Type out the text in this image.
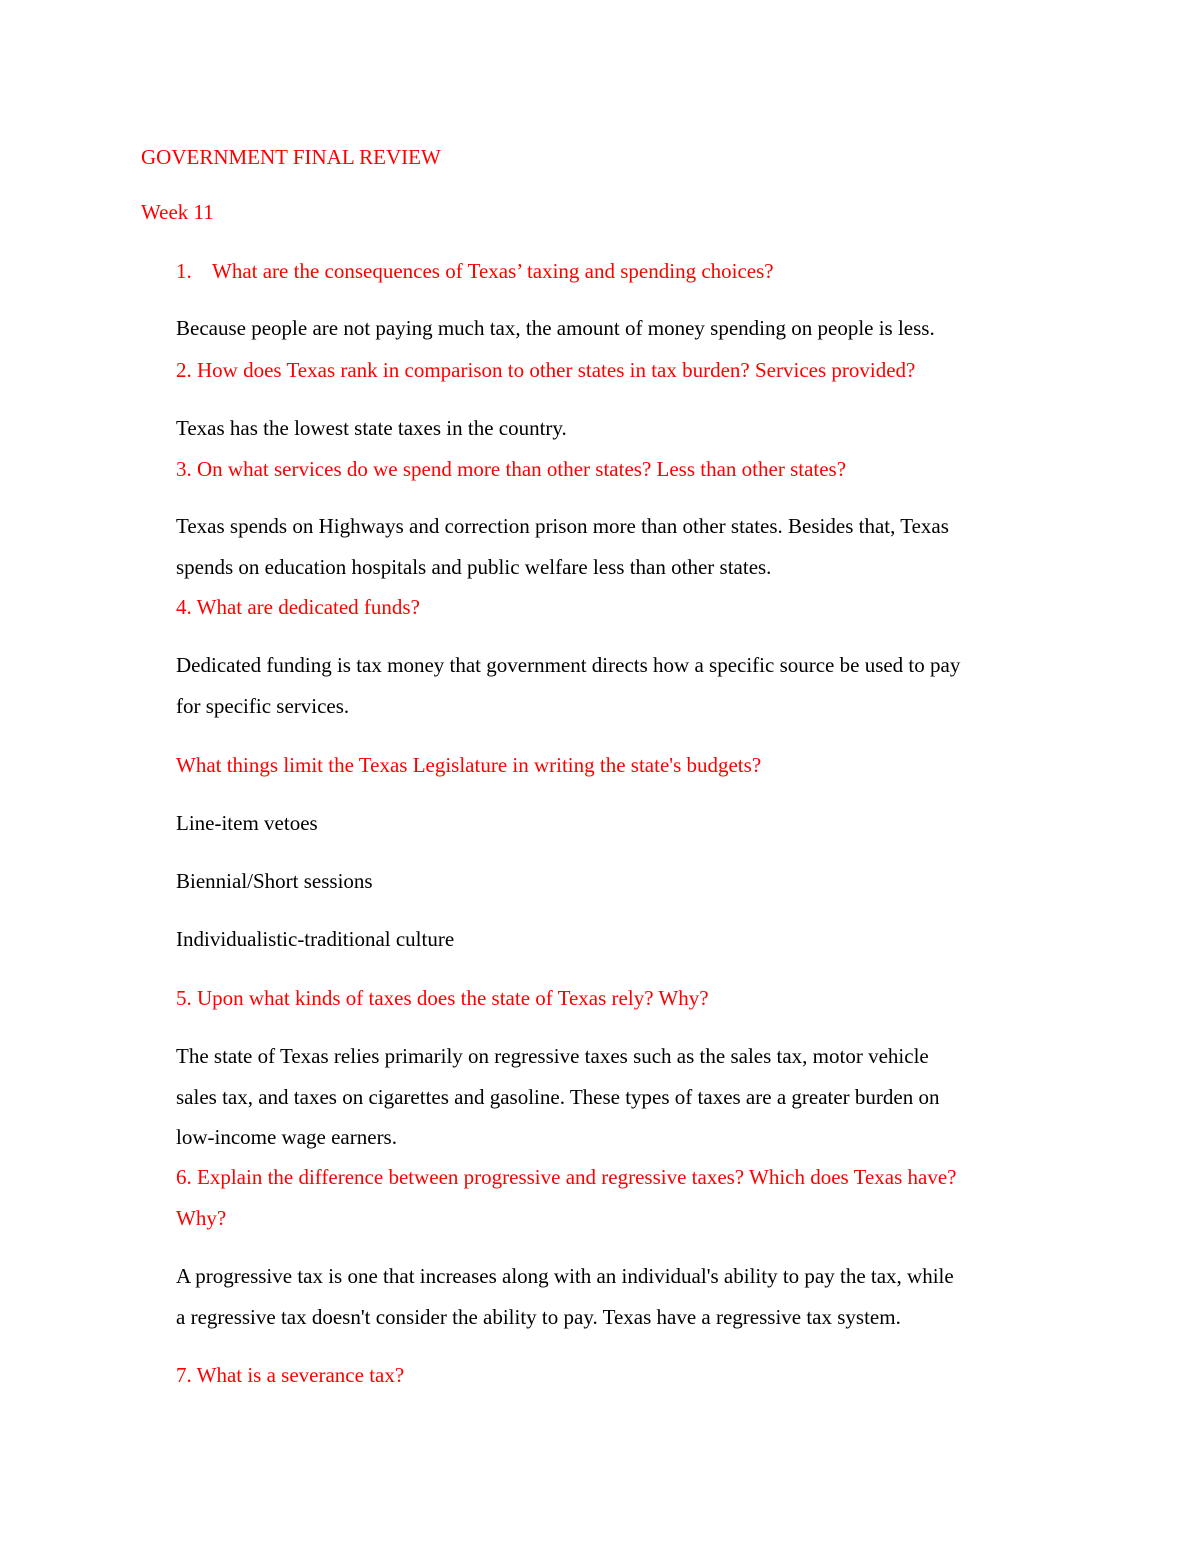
GOVERNMENT FINAL REVIEW
Week 11
1. What are the consequences of Texas’ taxing and spending choices?
Because people are not paying much tax, the amount of money spending on people is less.
2. How does Texas rank in comparison to other states in tax burden? Services provided?
Texas has the lowest state taxes in the country.
3. On what services do we spend more than other states? Less than other states?
Texas spends on Highways and correction prison more than other states. Besides that, Texas
spends on education hospitals and public welfare less than other states.
4. What are dedicated funds?
Dedicated funding is tax money that government directs how a specific source be used to pay
for specific services.
What things limit the Texas Legislature in writing the state's budgets?
Line-item vetoes
Biennial/Short sessions
Individualistic-traditional culture
5. Upon what kinds of taxes does the state of Texas rely? Why?
The state of Texas relies primarily on regressive taxes such as the sales tax, motor vehicle
sales tax, and taxes on cigarettes and gasoline. These types of taxes are a greater burden on
low-income wage earners.
6. Explain the difference between progressive and regressive taxes? Which does Texas have?
Why?
A progressive tax is one that increases along with an individual's ability to pay the tax, while
a regressive tax doesn't consider the ability to pay. Texas have a regressive tax system.
7. What is a severance tax?
